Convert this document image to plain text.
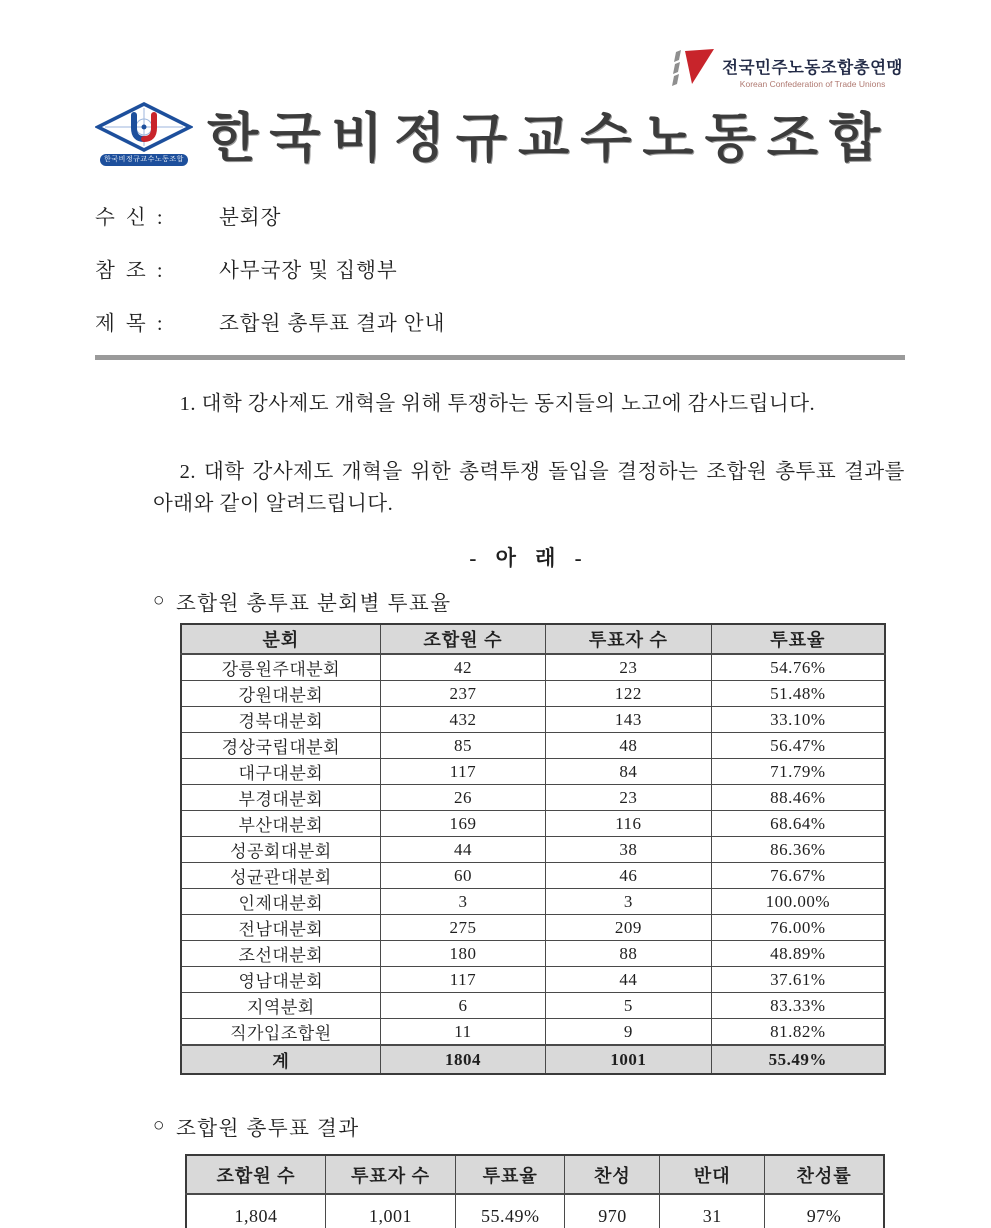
전국민주노동조합총연맹
Korean Confederation of Trade Unions
한국비정규교수노동조합 한국비정규교수노동조합
수 신 :	분회장
참 조 :	사무국장 및 집행부
제 목 :	조합원 총투표 결과 안내

1. 대학 강사제도 개혁을 위해 투쟁하는 동지들의 노고에 감사드립니다.

2. 대학 강사제도 개혁을 위한 총력투쟁 돌입을 결정하는 조합원 총투표 결과를 아래와 같이 알려드립니다.

- 아 래 -
○ 조합원 총투표 분회별 투표율
분회	조합원 수	투표자 수	투표율
강릉원주대분회	42	23	54.76%
강원대분회	237	122	51.48%
경북대분회	432	143	33.10%
경상국립대분회	85	48	56.47%
대구대분회	117	84	71.79%
부경대분회	26	23	88.46%
부산대분회	169	116	68.64%
성공회대분회	44	38	86.36%
성균관대분회	60	46	76.67%
인제대분회	3	3	100.00%
전남대분회	275	209	76.00%
조선대분회	180	88	48.89%
영남대분회	117	44	37.61%
지역분회	6	5	83.33%
직가입조합원	11	9	81.82%
계	1804	1001	55.49%
○ 조합원 총투표 결과
조합원 수	투표자 수	투표율	찬성	반대	찬성률
1,804	1,001	55.49%	970	31	97%
